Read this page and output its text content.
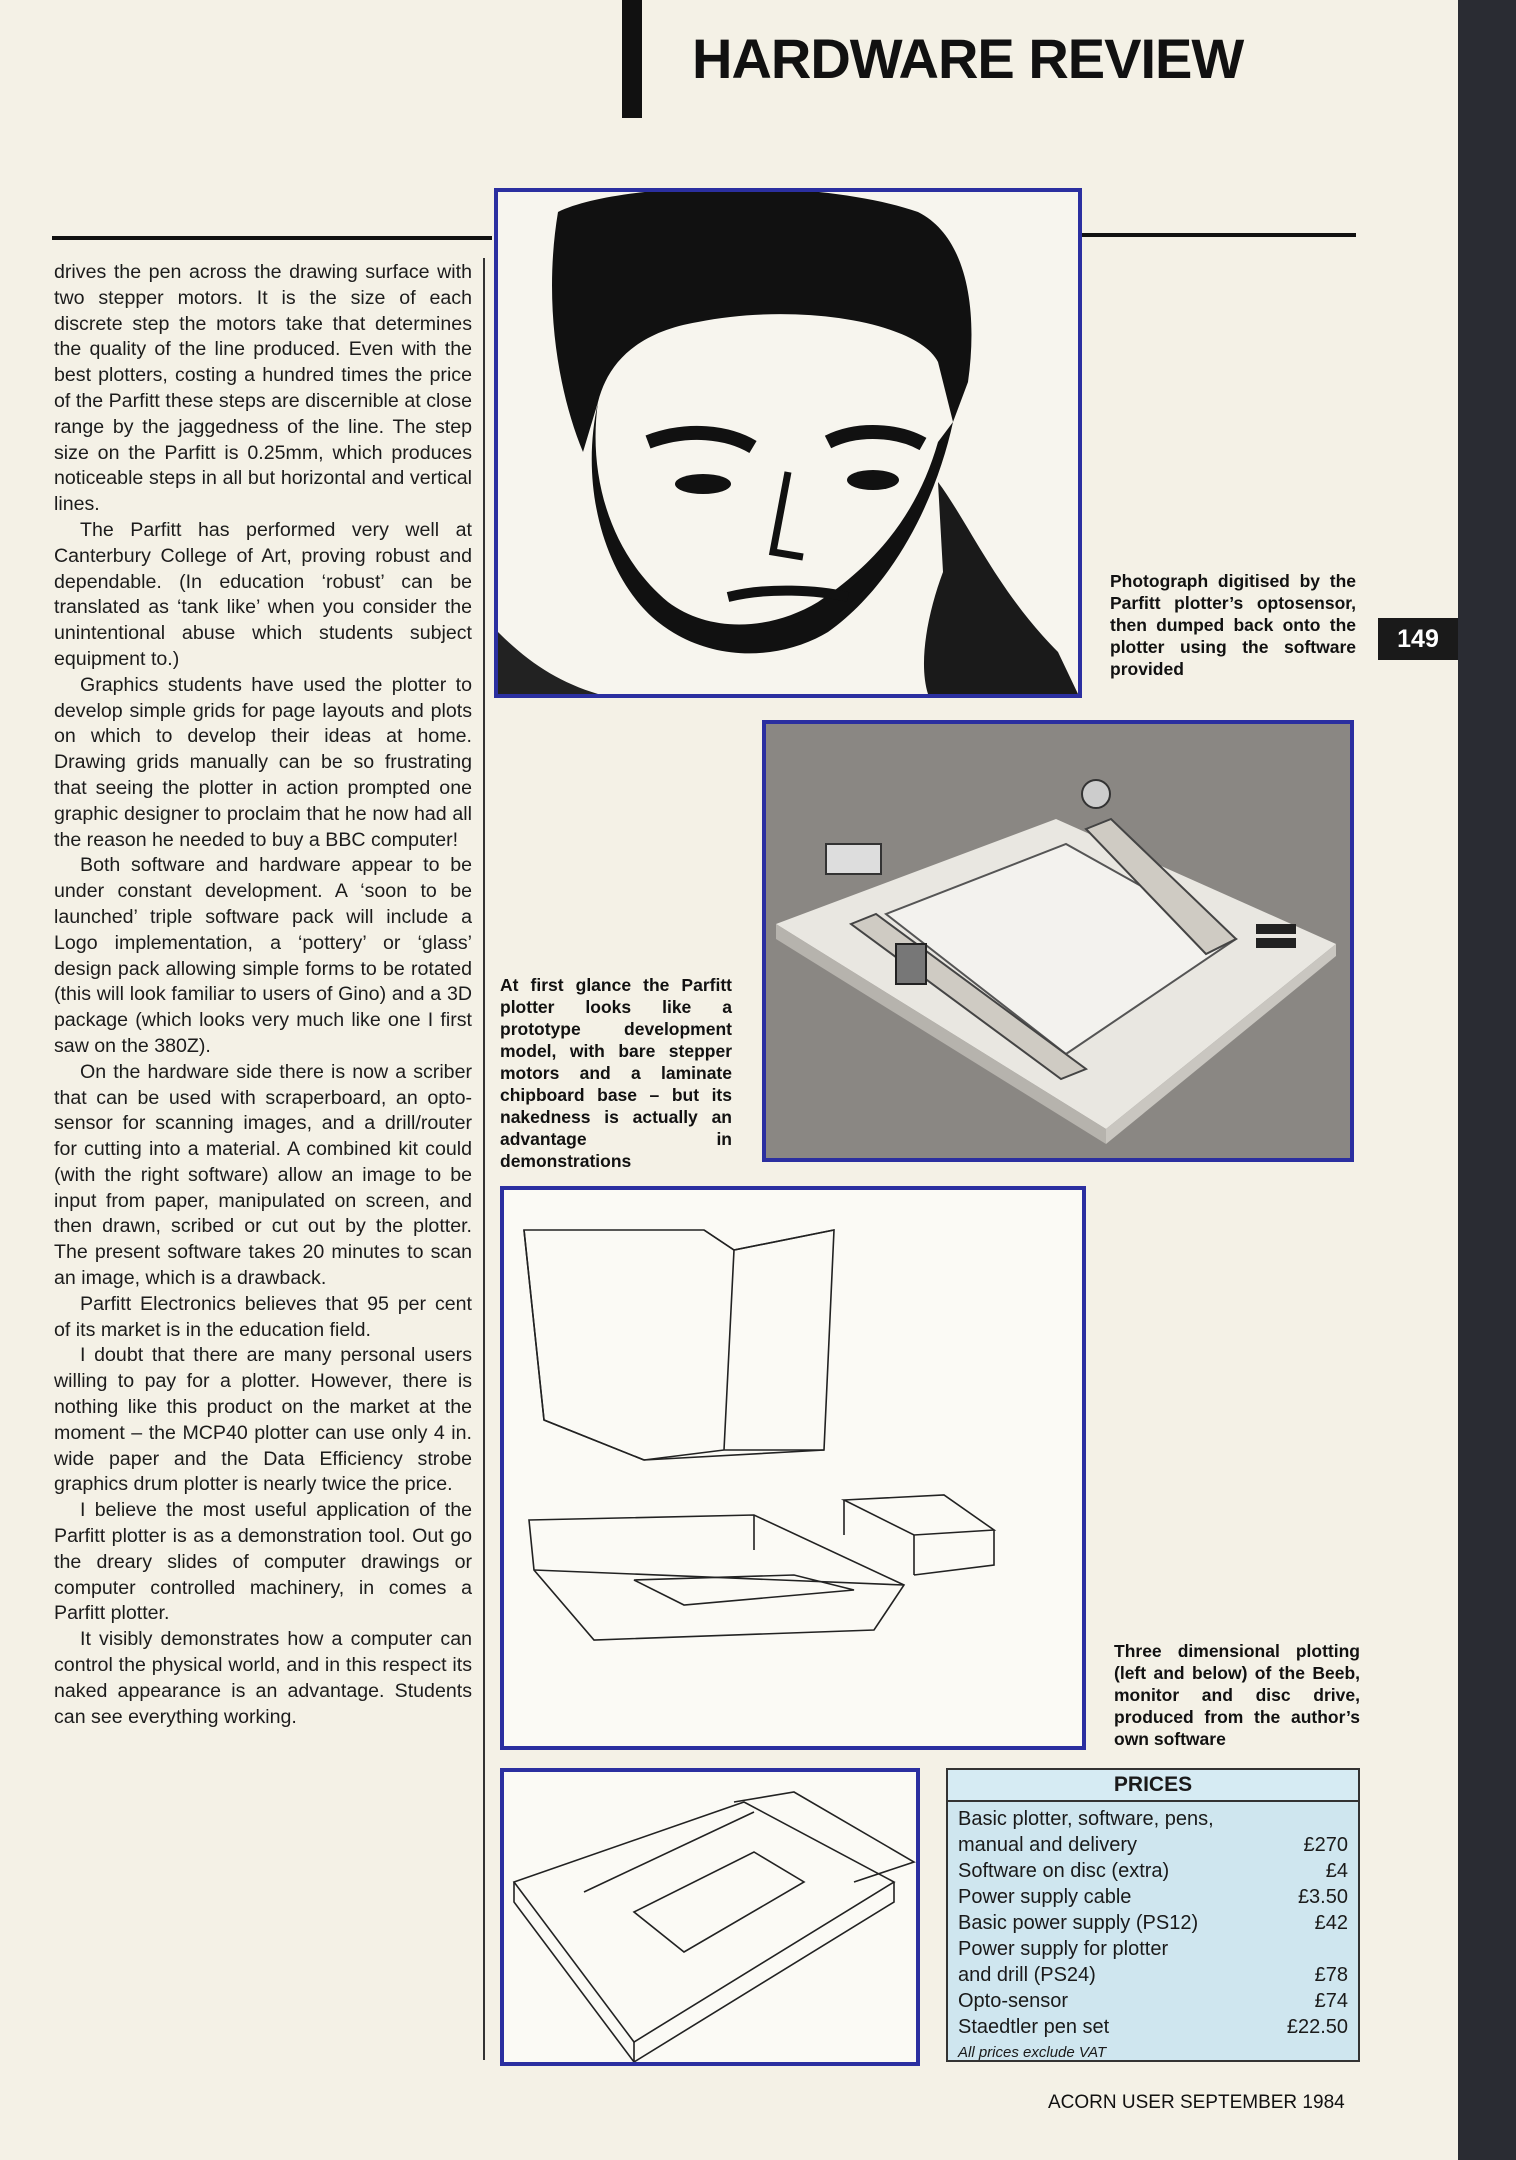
HARDWARE REVIEW

drives the pen across the drawing surface with two stepper motors. It is the size of each discrete step the motors take that determines the quality of the line produced. Even with the best plotters, costing a hundred times the price of the Parfitt these steps are discernible at close range by the jaggedness of the line. The step size on the Parfitt is 0.25mm, which produces noticeable steps in all but horizontal and vertical lines.

The Parfitt has performed very well at Canterbury College of Art, proving robust and dependable. (In education ‘robust’ can be translated as ‘tank like’ when you consider the unintentional abuse which students subject equipment to.)

Graphics students have used the plotter to develop simple grids for page layouts and plots on which to develop their ideas at home. Drawing grids manually can be so frustrating that seeing the plotter in action prompted one graphic designer to proclaim that he now had all the reason he needed to buy a BBC computer!

Both software and hardware appear to be under constant development. A ‘soon to be launched’ triple software pack will include a Logo implementation, a ‘pottery’ or ‘glass’ design pack allowing simple forms to be rotated (this will look familiar to users of Gino) and a 3D package (which looks very much like one I first saw on the 380Z).

On the hardware side there is now a scriber that can be used with scraperboard, an opto-sensor for scanning images, and a drill/router for cutting into a material. A combined kit could (with the right software) allow an image to be input from paper, manipulated on screen, and then drawn, scribed or cut out by the plotter. The present software takes 20 minutes to scan an image, which is a drawback.

Parfitt Electronics believes that 95 per cent of its market is in the education field.

I doubt that there are many personal users willing to pay for a plotter. However, there is nothing like this product on the market at the moment – the MCP40 plotter can use only 4 in. wide paper and the Data Efficiency strobe graphics drum plotter is nearly twice the price.

I believe the most useful application of the Parfitt plotter is as a demonstration tool. Out go the dreary slides of computer drawings or computer controlled machinery, in comes a Parfitt plotter.

It visibly demonstrates how a computer can control the physical world, and in this respect its naked appearance is an advantage. Students can see everything working.

Photograph digitised by the Parfitt plotter’s optosensor, then dumped back onto the plotter using the software provided
149
At first glance the Parfitt plotter looks like a prototype development model, with bare stepper motors and a laminate chipboard base – but its nakedness is actually an advantage in demonstrations
Three dimensional plotting (left and below) of the Beeb, monitor and disc drive, produced from the author’s own software
PRICES
Basic plotter, software, pens,
manual and delivery	£270
Software on disc (extra)	£4
Power supply cable	£3.50
Basic power supply (PS12)	£42
Power supply for plotter
and drill (PS24)	£78
Opto-sensor	£74
Staedtler pen set	£22.50
All prices exclude VAT
ACORN USER SEPTEMBER 1984
